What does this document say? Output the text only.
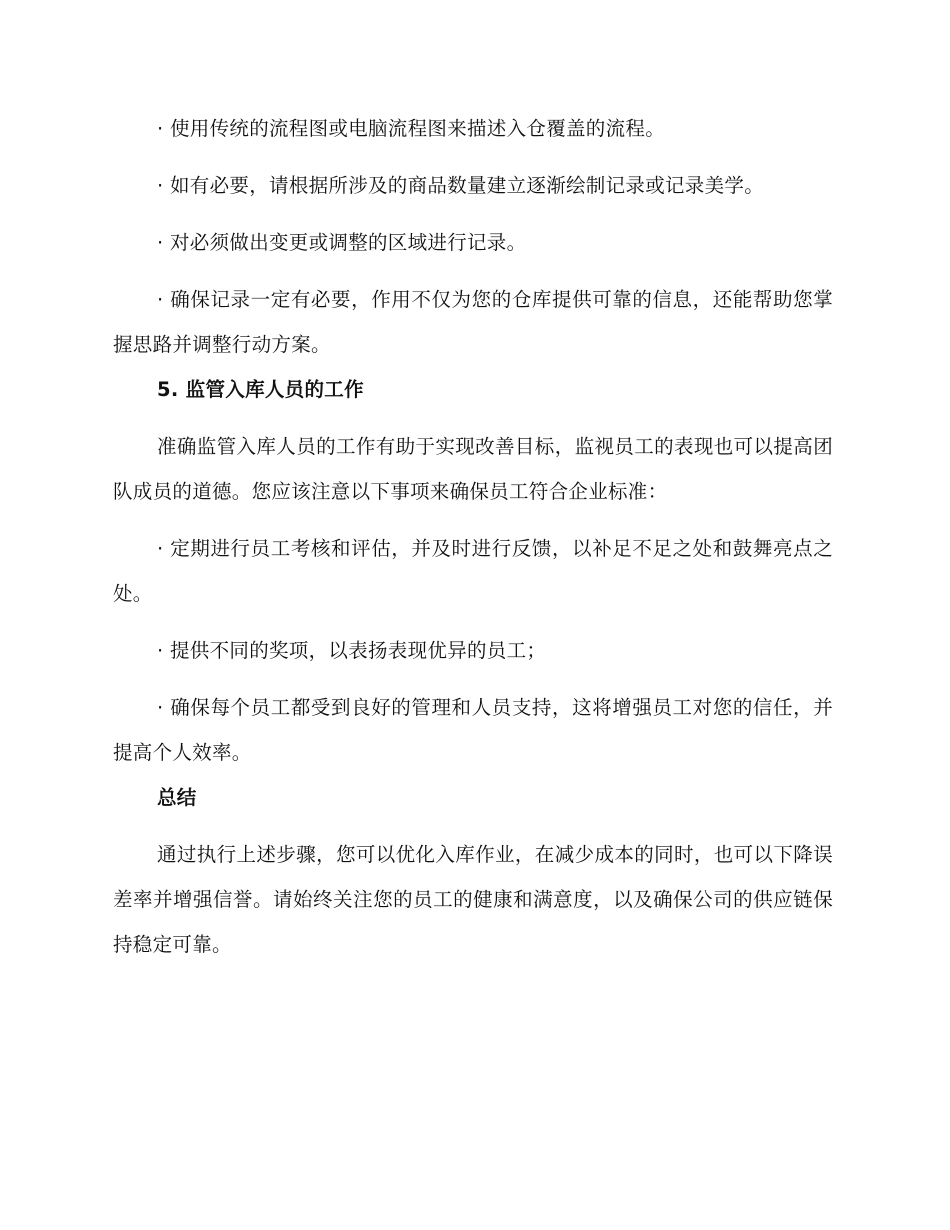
· 使用传统的流程图或电脑流程图来描述入仓覆盖的流程。

· 如有必要，请根据所涉及的商品数量建立逐渐绘制记录或记录美学。

· 对必须做出变更或调整的区域进行记录。

· 确保记录一定有必要，作用不仅为您的仓库提供可靠的信息，还能帮助您掌握思路并调整行动方案。

5. 监管入库人员的工作

准确监管入库人员的工作有助于实现改善目标，监视员工的表现也可以提高团队成员的道德。您应该注意以下事项来确保员工符合企业标准：

· 定期进行员工考核和评估，并及时进行反馈，以补足不足之处和鼓舞亮点之处。

· 提供不同的奖项，以表扬表现优异的员工；

· 确保每个员工都受到良好的管理和人员支持，这将增强员工对您的信任，并提高个人效率。

总结

通过执行上述步骤，您可以优化入库作业，在减少成本的同时，也可以下降误差率并增强信誉。请始终关注您的员工的健康和满意度，以及确保公司的供应链保持稳定可靠。
